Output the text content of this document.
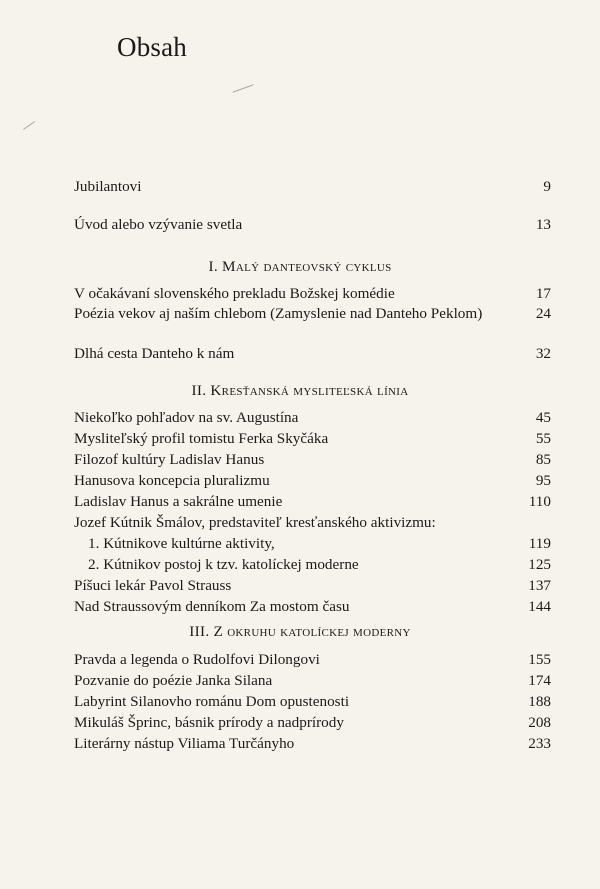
Obsah
Jubilantovi	9
Úvod alebo vzývanie svetla	13
I. Malý danteovský cyklus
V očakávaní slovenského prekladu Božskej komédie	17
Poézia vekov aj naším chlebom (Zamyslenie nad Danteho Peklom)	24
Dlhá cesta Danteho k nám	32
II. Kresťanská mysliteľská línia
Niekoľko pohľadov na sv. Augustína	45
Mysliteľský profil tomistu Ferka Skyčáka	55
Filozof kultúry Ladislav Hanus	85
Hanusova koncepcia pluralizmu	95
Ladislav Hanus a sakrálne umenie	110
Jozef Kútnik Šmálov, predstaviteľ kresťanského aktivizmu:
1. Kútnikove kultúrne aktivity,	119
2. Kútnikov postoj k tzv. katolíckej moderne	125
Píšuci lekár Pavol Strauss	137
Nad Straussovým denníkom Za mostom času	144
III. Z okruhu katolíckej moderny
Pravda a legenda o Rudolfovi Dilongovi	155
Pozvanie do poézie Janka Silana	174
Labyrint Silanovho románu Dom opustenosti	188
Mikuláš Šprinc, básnik prírody a nadprírody	208
Literárny nástup Viliama Turčányho	233
